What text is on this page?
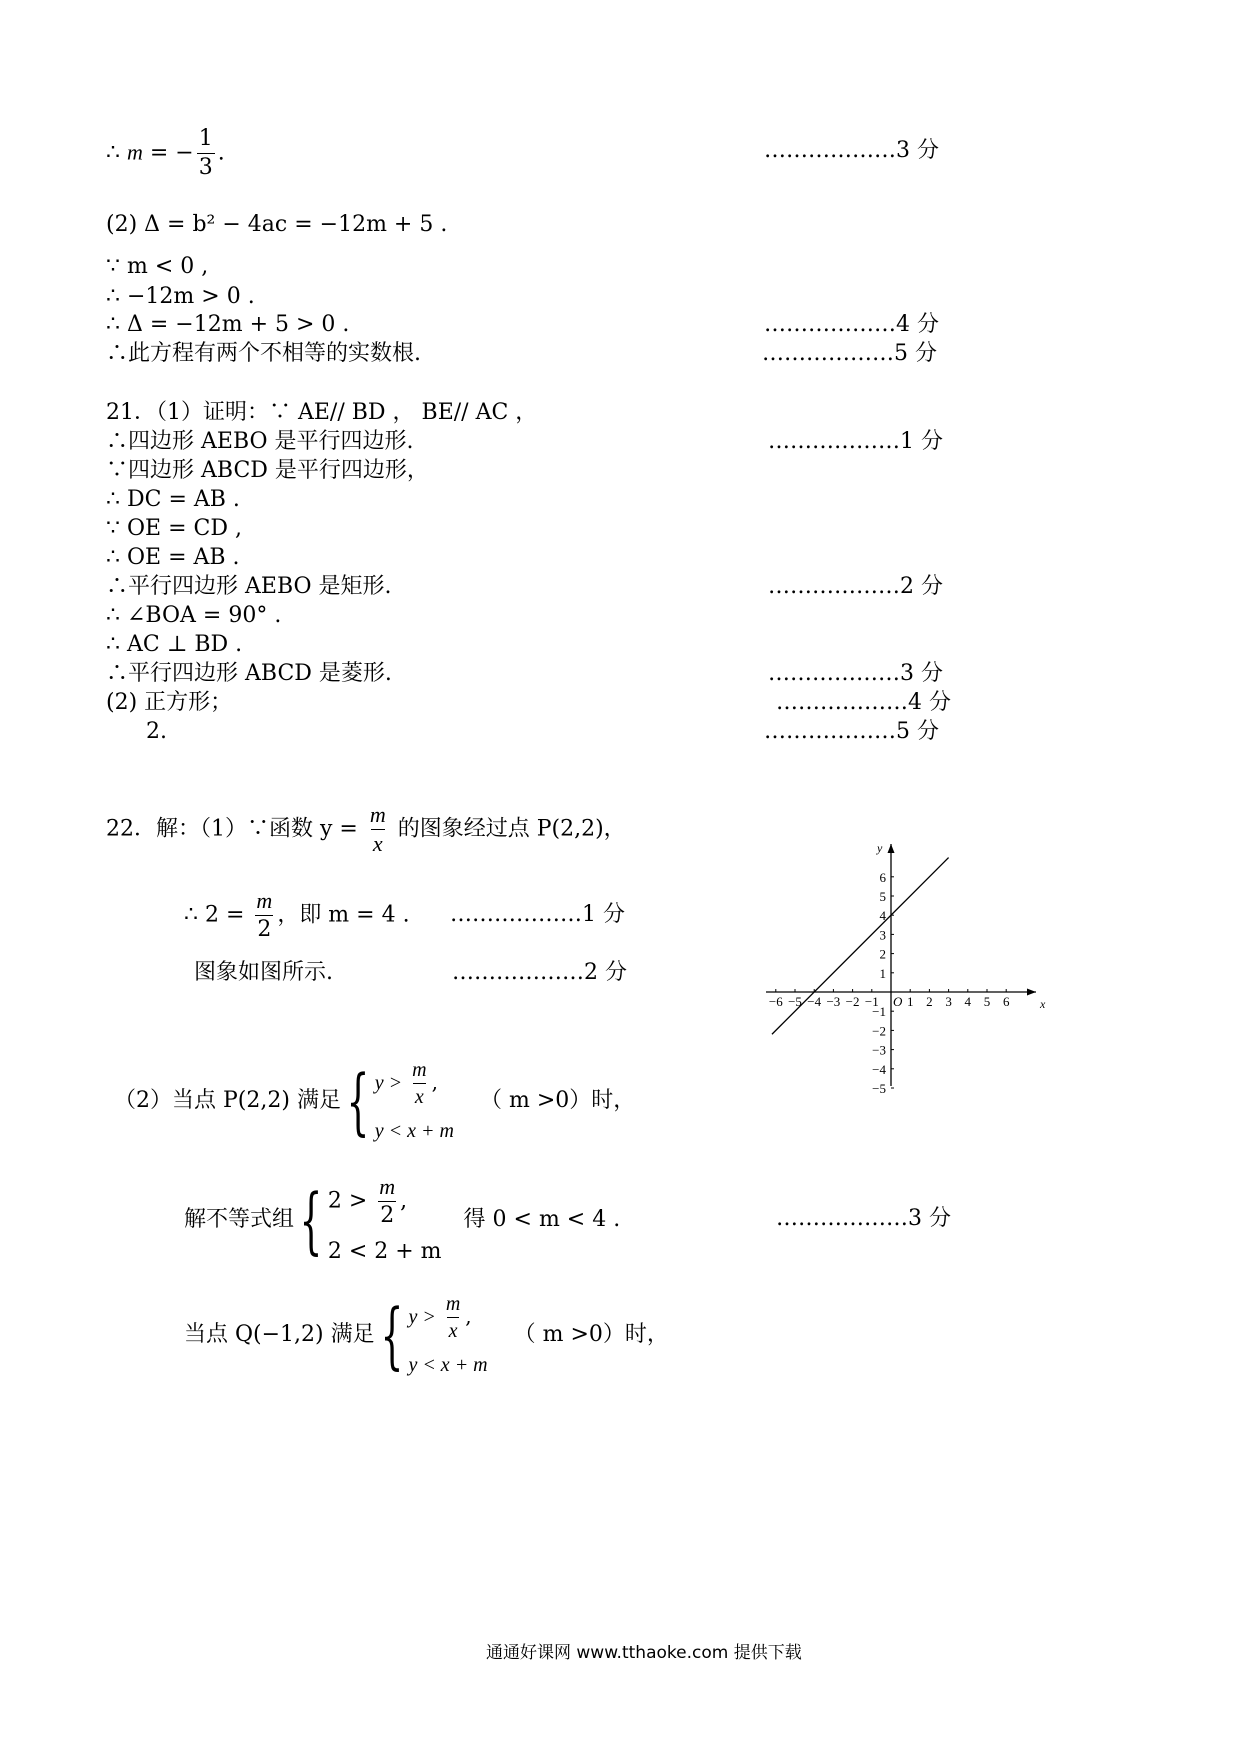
∴ m = − $\frac{1}{3}$ .	………………3 分
(2) Δ = b² − 4ac = −12m + 5 .
∵ m < 0 ,
∴ −12m > 0 .
∴ Δ = −12m + 5 > 0 .	………………4 分
∴此方程有两个不相等的实数根.	………………5 分
21．（1）证明：∵ AE// BD ， BE// AC ，
∴四边形 AEBO 是平行四边形.	………………1 分
∵四边形 ABCD 是平行四边形，
∴ DC = AB .
∵ OE = CD ,
∴ OE = AB .
∴平行四边形 AEBO 是矩形.	………………2 分
∴ ∠BOA = 90° .
∴ AC ⊥ BD .
∴平行四边形 ABCD 是菱形.	………………3 分
(2) 正方形；	………………4 分
2.	………………5 分
22．解：（1）∵函数 $y = \frac{m}{x}$ 的图象经过点 P(2,2)，
∴ $2 = \frac{m}{2}$ ，即 m = 4 . ………………1 分
图象如图所示.	………………2 分
−6 −5 −4 −3 −2 −1 1 2 3 4 5 6
−5
−4
−3
−2
−1
1
2
3
4
5
6
x
y
O
（2）当点 P(2,2) 满足 { $y > \frac{m}{x}$ ,
y < x + m
（ m >0）时，
解不等式组 { $2 > \frac{m}{2}$ ,
2 < 2 + m
得 0 < m < 4 .	………………3 分
当点 Q(−1,2) 满足 { $y > \frac{m}{x}$ ,
y < x + m
（ m >0）时，
通通好课网 www.tthaoke.com 提供下载
